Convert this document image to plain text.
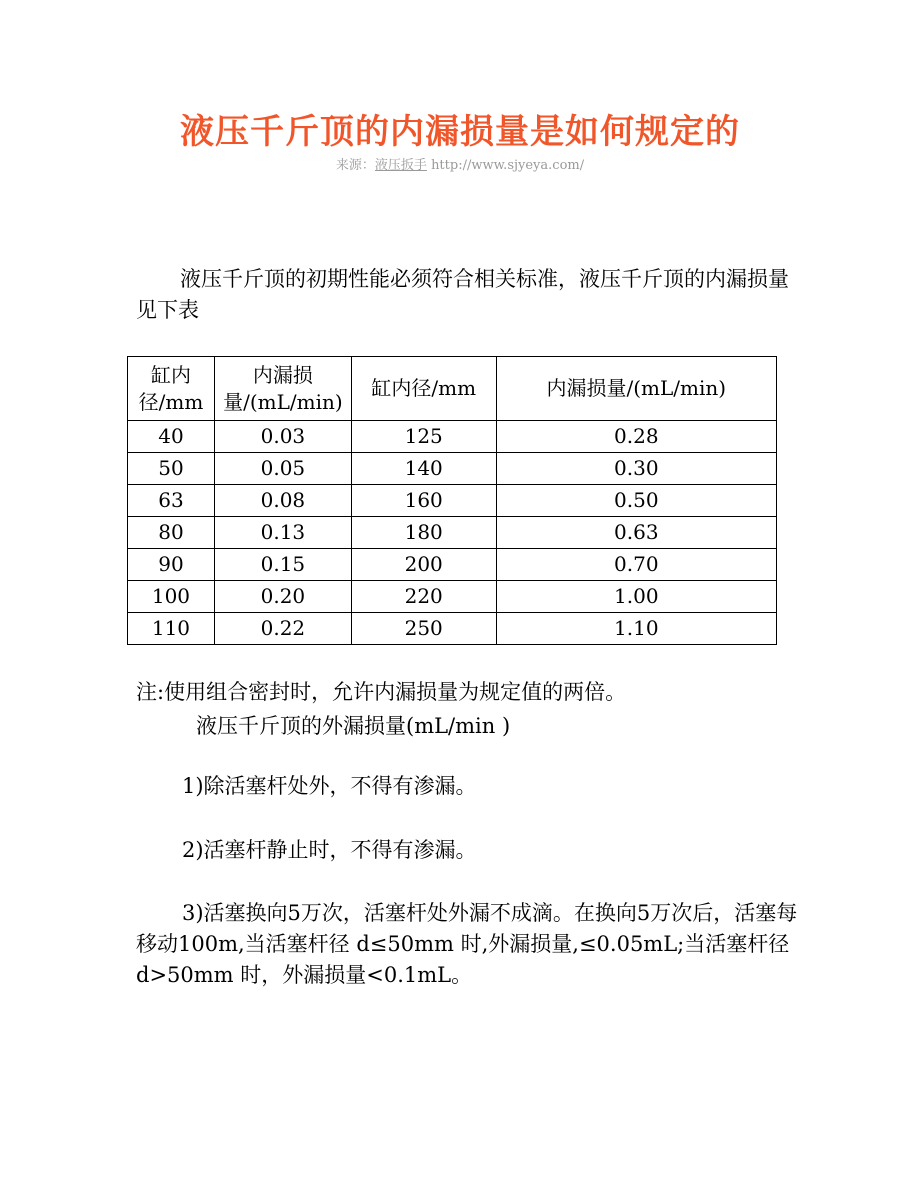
液压千斤顶的内漏损量是如何规定的
来源：液压扳手 http://www.sjyeya.com/

液压千斤顶的初期性能必须符合相关标准，液压千斤顶的内漏损量见下表

缸内径/mm	内漏损量/(mL/min)	缸内径/mm	内漏损量/(mL/min)
40	0.03	125	0.28
50	0.05	140	0.30
63	0.08	160	0.50
80	0.13	180	0.63
90	0.15	200	0.70
100	0.20	220	1.00
110	0.22	250	1.10

注:使用组合密封时，允许内漏损量为规定值的两倍。

液压千斤顶的外漏损量(mL/min )

1)除活塞杆处外，不得有渗漏。

2)活塞杆静止时，不得有渗漏。

3)活塞换向5万次，活塞杆处外漏不成滴。在换向5万次后，活塞每移动100m,当活塞杆径 d≤50mm 时,外漏损量,≤0.05mL;当活塞杆径 d>50mm 时，外漏损量<0.1mL。
